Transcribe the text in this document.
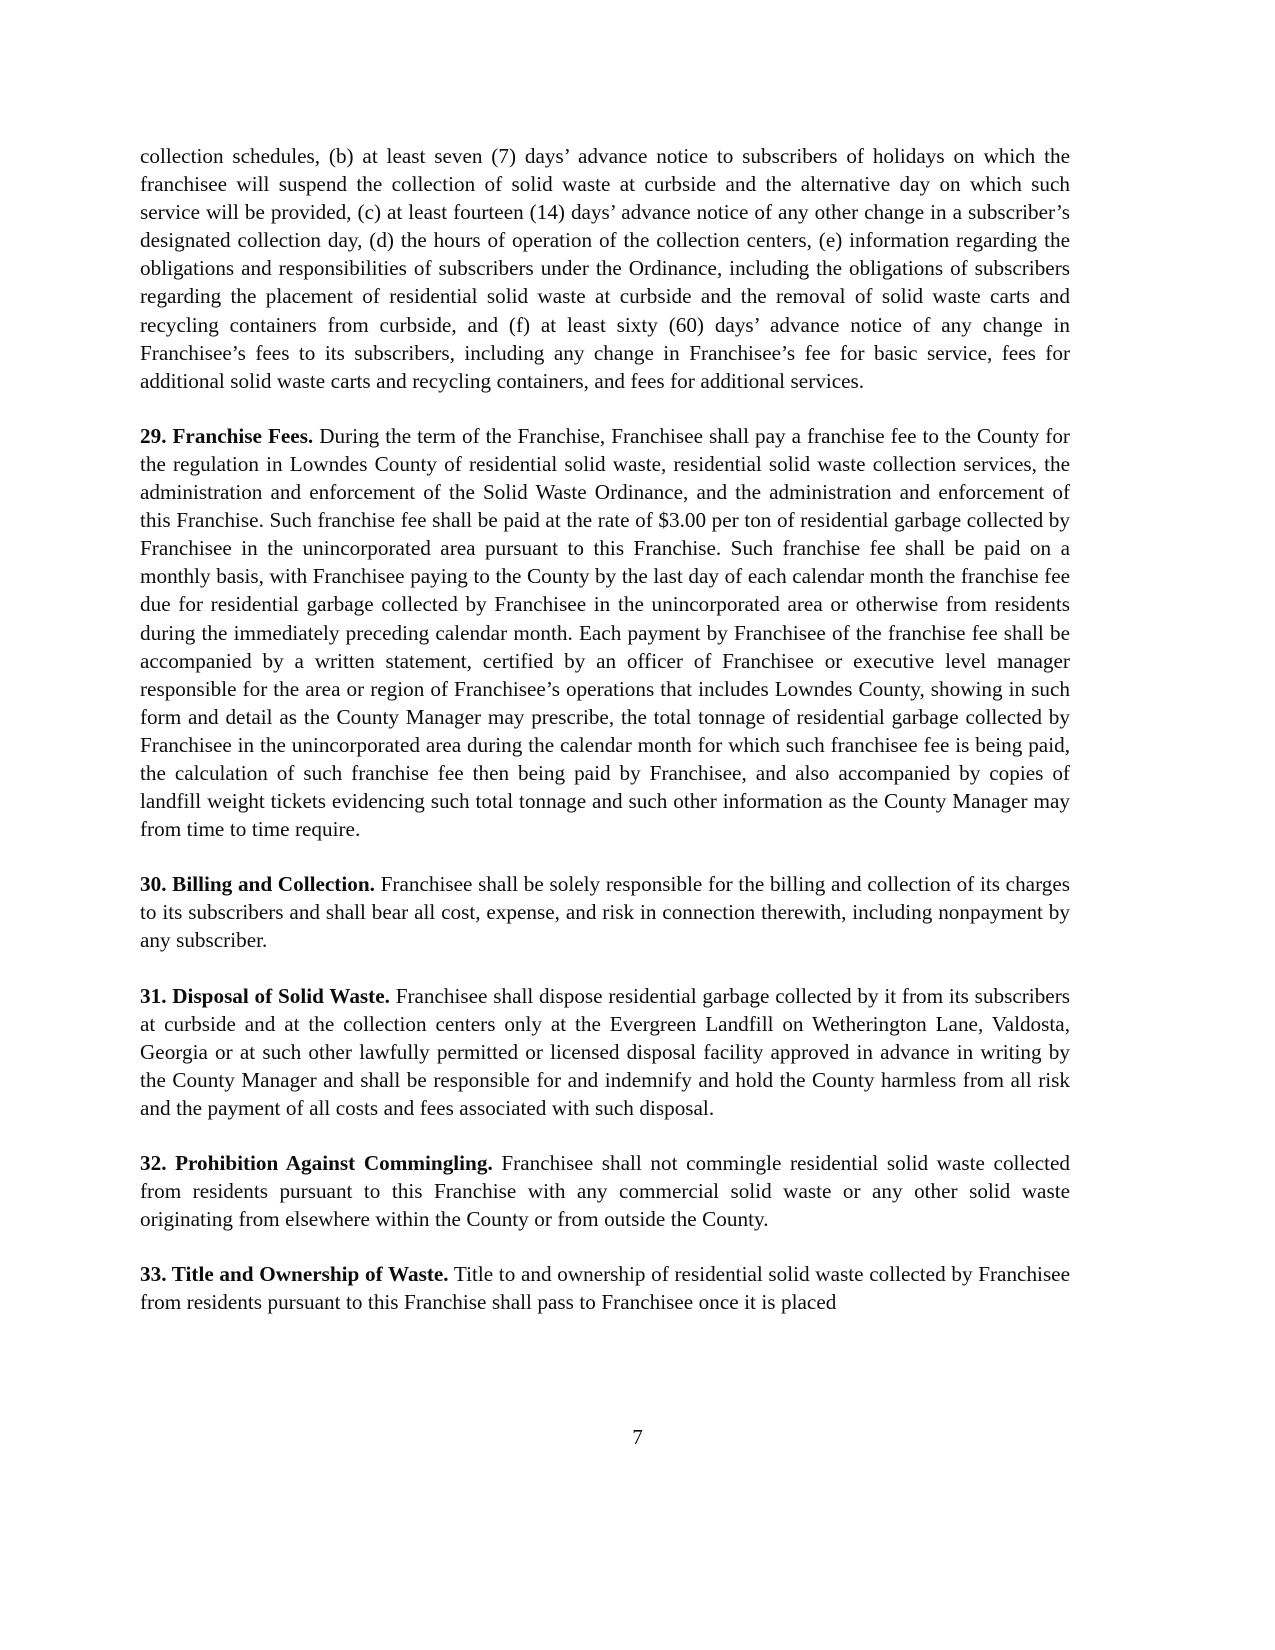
collection schedules, (b) at least seven (7) days’ advance notice to subscribers of holidays on which the franchisee will suspend the collection of solid waste at curbside and the alternative day on which such service will be provided, (c) at least fourteen (14) days’ advance notice of any other change in a subscriber’s designated collection day, (d) the hours of operation of the collection centers, (e) information regarding the obligations and responsibilities of subscribers under the Ordinance, including the obligations of subscribers regarding the placement of residential solid waste at curbside and the removal of solid waste carts and recycling containers from curbside, and (f) at least sixty (60) days’ advance notice of any change in Franchisee’s fees to its subscribers, including any change in Franchisee’s fee for basic service, fees for additional solid waste carts and recycling containers, and fees for additional services.

29. Franchise Fees. During the term of the Franchise, Franchisee shall pay a franchise fee to the County for the regulation in Lowndes County of residential solid waste, residential solid waste collection services, the administration and enforcement of the Solid Waste Ordinance, and the administration and enforcement of this Franchise. Such franchise fee shall be paid at the rate of $3.00 per ton of residential garbage collected by Franchisee in the unincorporated area pursuant to this Franchise. Such franchise fee shall be paid on a monthly basis, with Franchisee paying to the County by the last day of each calendar month the franchise fee due for residential garbage collected by Franchisee in the unincorporated area or otherwise from residents during the immediately preceding calendar month. Each payment by Franchisee of the franchise fee shall be accompanied by a written statement, certified by an officer of Franchisee or executive level manager responsible for the area or region of Franchisee’s operations that includes Lowndes County, showing in such form and detail as the County Manager may prescribe, the total tonnage of residential garbage collected by Franchisee in the unincorporated area during the calendar month for which such franchisee fee is being paid, the calculation of such franchise fee then being paid by Franchisee, and also accompanied by copies of landfill weight tickets evidencing such total tonnage and such other information as the County Manager may from time to time require.

30. Billing and Collection. Franchisee shall be solely responsible for the billing and collection of its charges to its subscribers and shall bear all cost, expense, and risk in connection therewith, including nonpayment by any subscriber.

31. Disposal of Solid Waste. Franchisee shall dispose residential garbage collected by it from its subscribers at curbside and at the collection centers only at the Evergreen Landfill on Wetherington Lane, Valdosta, Georgia or at such other lawfully permitted or licensed disposal facility approved in advance in writing by the County Manager and shall be responsible for and indemnify and hold the County harmless from all risk and the payment of all costs and fees associated with such disposal.

32. Prohibition Against Commingling. Franchisee shall not commingle residential solid waste collected from residents pursuant to this Franchise with any commercial solid waste or any other solid waste originating from elsewhere within the County or from outside the County.

33. Title and Ownership of Waste. Title to and ownership of residential solid waste collected by Franchisee from residents pursuant to this Franchise shall pass to Franchisee once it is placed

7
